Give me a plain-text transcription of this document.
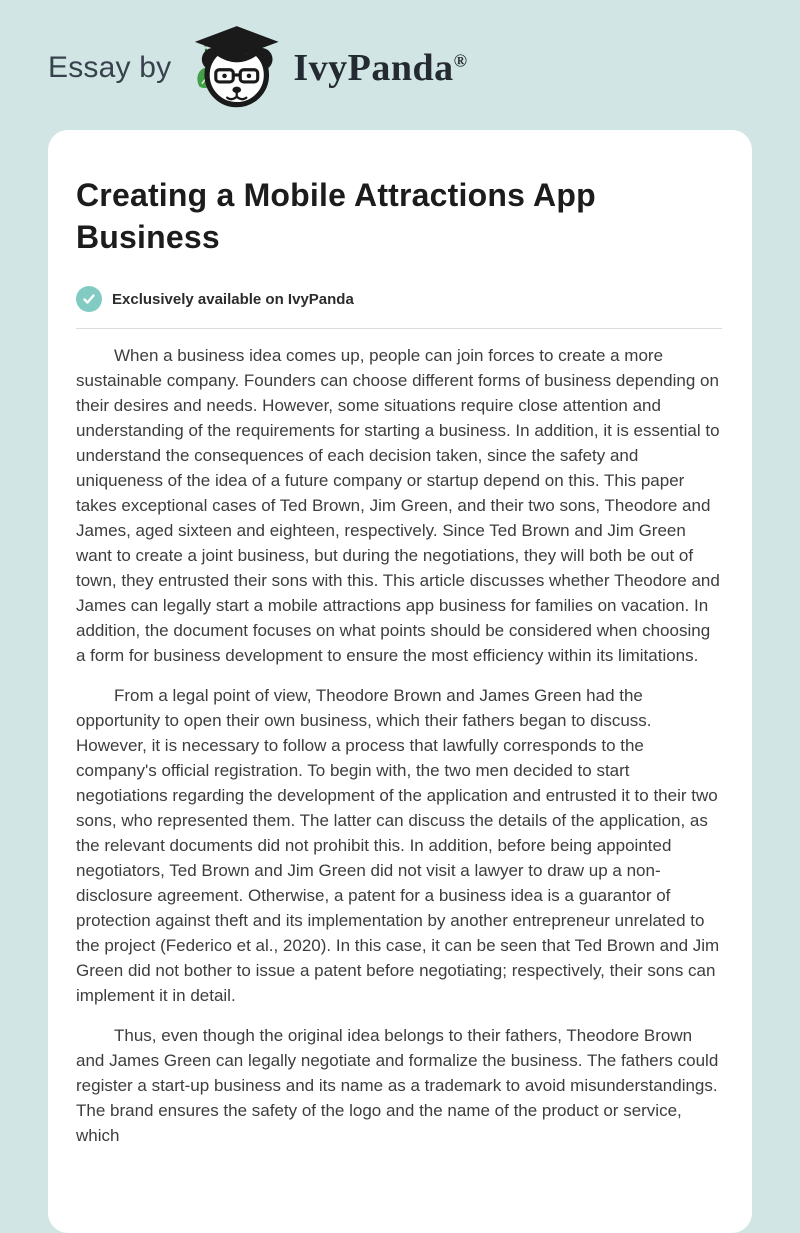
Essay by	IvyPanda®
Creating a Mobile Attractions App Business
Exclusively available on IvyPanda

When a business idea comes up, people can join forces to create a more sustainable company. Founders can choose different forms of business depending on their desires and needs. However, some situations require close attention and understanding of the requirements for starting a business. In addition, it is essential to understand the consequences of each decision taken, since the safety and uniqueness of the idea of a future company or startup depend on this. This paper takes exceptional cases of Ted Brown, Jim Green, and their two sons, Theodore and James, aged sixteen and eighteen, respectively. Since Ted Brown and Jim Green want to create a joint business, but during the negotiations, they will both be out of town, they entrusted their sons with this. This article discusses whether Theodore and James can legally start a mobile attractions app business for families on vacation. In addition, the document focuses on what points should be considered when choosing a form for business development to ensure the most efficiency within its limitations.

From a legal point of view, Theodore Brown and James Green had the opportunity to open their own business, which their fathers began to discuss. However, it is necessary to follow a process that lawfully corresponds to the company's official registration. To begin with, the two men decided to start negotiations regarding the development of the application and entrusted it to their two sons, who represented them. The latter can discuss the details of the application, as the relevant documents did not prohibit this. In addition, before being appointed negotiators, Ted Brown and Jim Green did not visit a lawyer to draw up a non-disclosure agreement. Otherwise, a patent for a business idea is a guarantor of protection against theft and its implementation by another entrepreneur unrelated to the project (Federico et al., 2020). In this case, it can be seen that Ted Brown and Jim Green did not bother to issue a patent before negotiating; respectively, their sons can implement it in detail.

Thus, even though the original idea belongs to their fathers, Theodore Brown and James Green can legally negotiate and formalize the business. The fathers could register a start-up business and its name as a trademark to avoid misunderstandings. The brand ensures the safety of the logo and the name of the product or service, which
